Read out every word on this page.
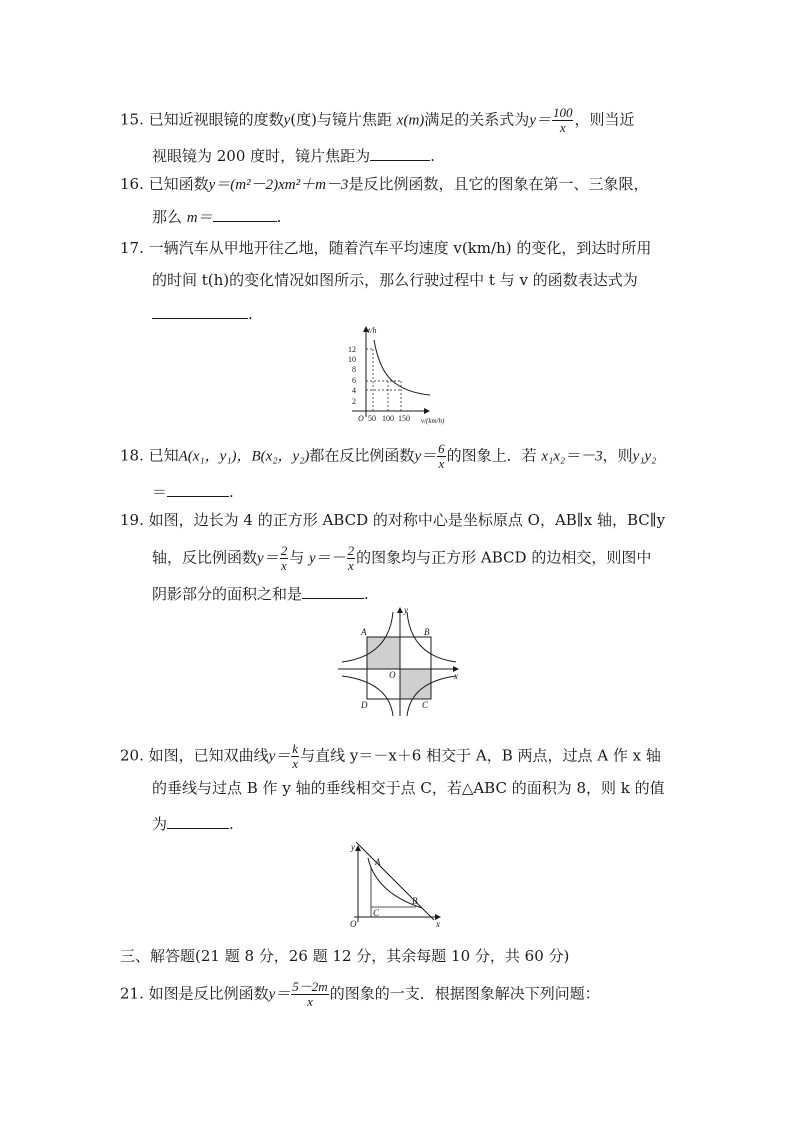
15. 已知近视眼镜的度数y(度)与镜片焦距 x(m)满足的关系式为$y= \frac{100}{x}$ ，则当近
视眼镜为 200 度时，镜片焦距为	.
16. 已知函数y＝(m²－2)xm²＋m－3是反比例函数，且它的图象在第一、三象限，
那么 m＝	.
17. 一辆汽车从甲地开往乙地，随着汽车平均速度 v(km/h) 的变化，到达时所用
的时间 t(h)的变化情况如图所示，那么行驶过程中 t 与 v 的函数表达式为
.
t/h
v/(km/h)
O
12
10
8
6
4
2
50 100 150
18. 已知A(x₁，y₁)，B(x₂，y₂)都在反比例函数$y= \frac{6}{x}$ 的图象上．若 x₁x₂＝－3，则y₁y₂
＝	.
19. 如图，边长为 4 的正方形 ABCD 的对称中心是坐标原点 O，AB∥x 轴，BC∥y
轴，反比例函数$y= \frac{2}{x}$ 与 $y=- \frac{2}{x}$ 的图象均与正方形 ABCD 的边相交，则图中
阴影部分的面积之和是	.
A	B
C
D
O	x
y
20. 如图，已知双曲线$y= \frac{k}{x}$ 与直线 y＝－x＋6 相交于 A，B 两点，过点 A 作 x 轴
的垂线与过点 B 作 y 轴的垂线相交于点 C，若△ABC 的面积为 8，则 k 的值
为	.
A
B
C
O	x
y
三、解答题(21 题 8 分，26 题 12 分，其余每题 10 分，共 60 分)
21. 如图是反比例函数$y= \frac{5-2m}{x}$ 的图象的一支．根据图象解决下列问题：
